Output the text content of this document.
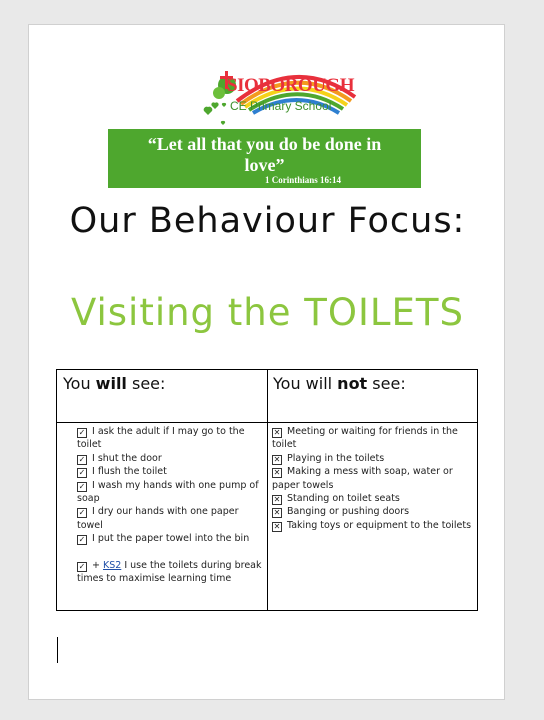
SIOBOROUGH
CE Primary School
“Let all that you do be done in love”
1 Corinthians 16:14
Our Behaviour Focus:
Visiting the TOILETS
You will see:	You will not see:

✓ I ask the adult if I may go to the toilet

✓ I shut the door

✓ I flush the toilet

✓ I wash my hands with one pump of soap

✓ I dry our hands with one paper towel

✓ I put the paper towel into the bin

✓ + KS2 I use the toilets during break times to maximise learning time

✕ Meeting or waiting for friends in the toilet

✕ Playing in the toilets

✕ Making a mess with soap, water or paper towels

✕ Standing on toilet seats

✕ Banging or pushing doors

✕ Taking toys or equipment to the toilets
